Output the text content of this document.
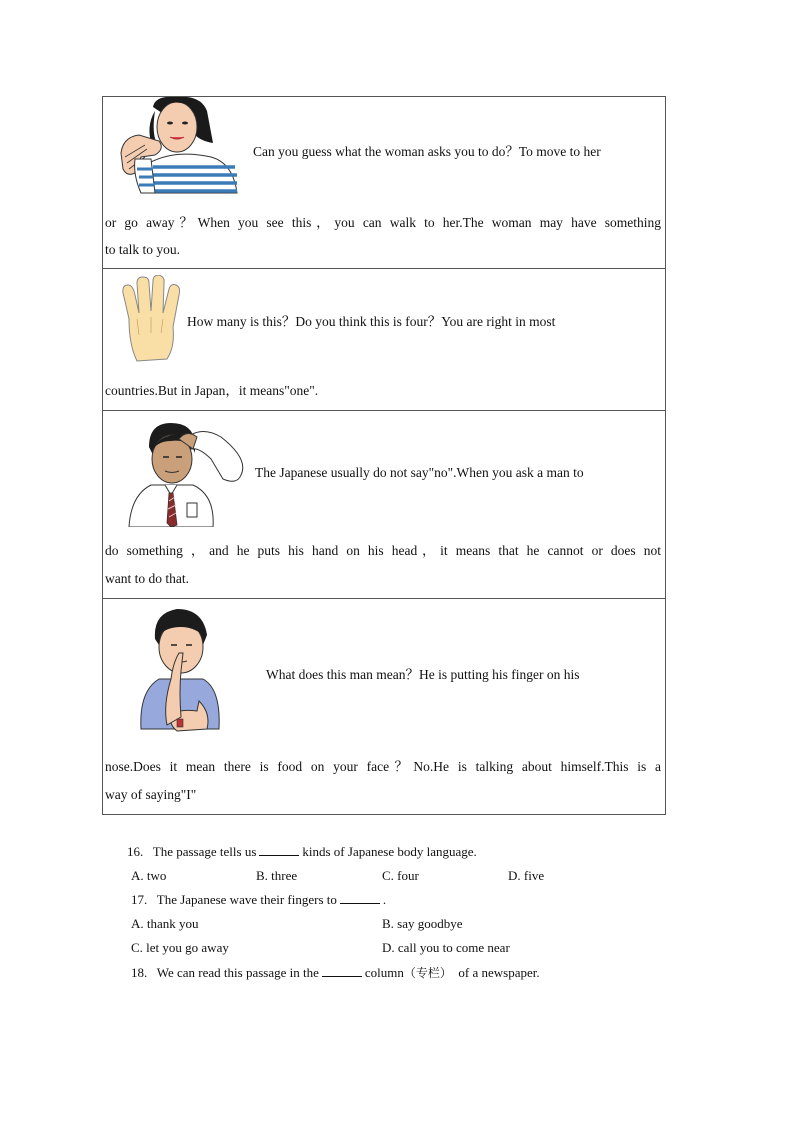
Can you guess what the woman asks you to do？To move to her
or go away？When you see this，you can walk to her.The woman may have something
to talk to you.
How many is this？Do you think this is four？You are right in most
countries.But in Japan，it means"one".
The Japanese usually do not say"no".When you ask a man to
do something ，and he puts his hand on his head，it means that he cannot or does not
want to do that.
What does this man mean？He is putting his finger on his
nose.Does it mean there is food on your face？No.He is talking about himself.This is a
way of saying"I"
16. The passage tells us	kinds of Japanese body language.
A. two	B. three	C. four	D. five
17. The Japanese wave their fingers to	.
A. thank you	B. say goodbye
C. let you go away	D. call you to come near
18. We can read this passage in the	column（专栏） of a newspaper.
